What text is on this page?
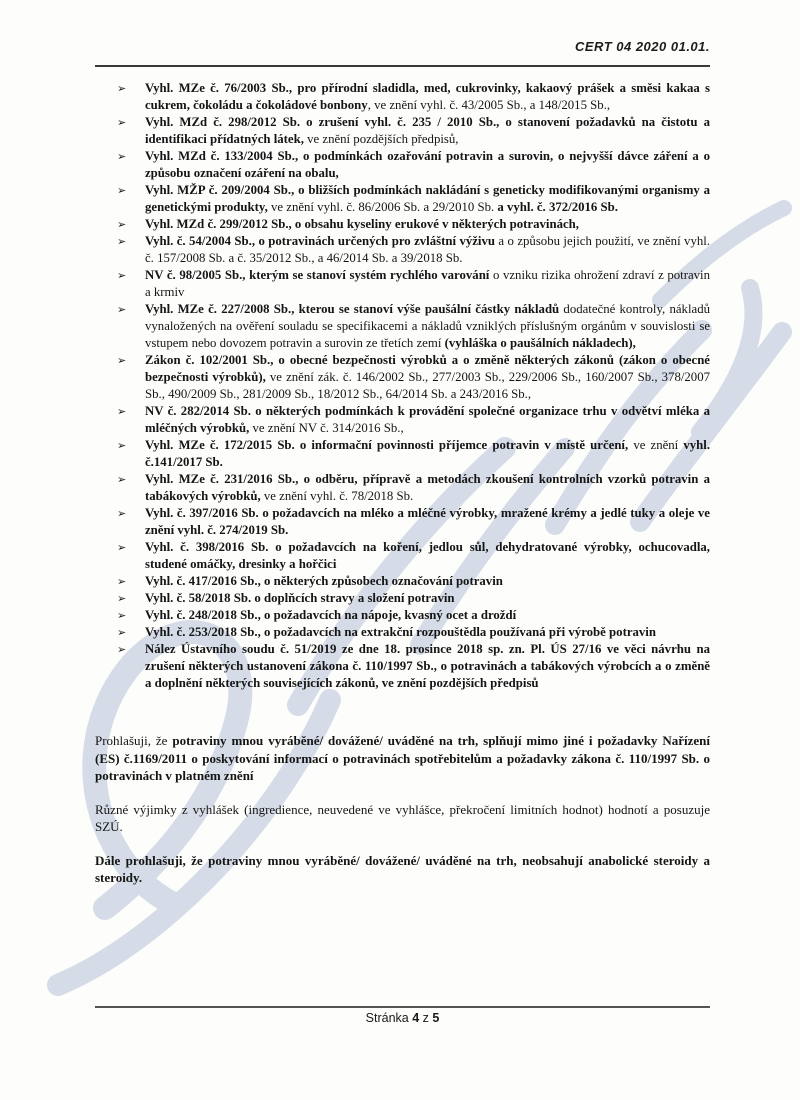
CERT 04 2020 01.01.
➢ Vyhl. MZe č. 76/2003 Sb., pro přírodní sladidla, med, cukrovinky, kakaový prášek a směsi kakaa s cukrem, čokoládu a čokoládové bonbony, ve znění vyhl. č. 43/2005 Sb., a 148/2015 Sb.,
➢ Vyhl. MZd č. 298/2012 Sb. o zrušení vyhl. č. 235 / 2010 Sb., o stanovení požadavků na čistotu a identifikaci přídatných látek, ve znění pozdějších předpisů,
➢ Vyhl. MZd č. 133/2004 Sb., o podmínkách ozařování potravin a surovin, o nejvyšší dávce záření a o způsobu označení ozáření na obalu,
➢ Vyhl. MŽP č. 209/2004 Sb., o bližších podmínkách nakládání s geneticky modifikovanými organismy a genetickými produkty, ve znění vyhl. č. 86/2006 Sb. a 29/2010 Sb. a vyhl. č. 372/2016 Sb.
➢ Vyhl. MZd č. 299/2012 Sb., o obsahu kyseliny erukové v některých potravinách,
➢ Vyhl. č. 54/2004 Sb., o potravinách určených pro zvláštní výživu a o způsobu jejich použití, ve znění vyhl. č. 157/2008 Sb. a č. 35/2012 Sb., a 46/2014 Sb. a 39/2018 Sb.
➢ NV č. 98/2005 Sb., kterým se stanoví systém rychlého varování o vzniku rizika ohrožení zdraví z potravin a krmiv
➢ Vyhl. MZe č. 227/2008 Sb., kterou se stanoví výše paušální částky nákladů dodatečné kontroly, nákladů vynaložených na ověření souladu se specifikacemi a nákladů vzniklých příslušným orgánům v souvislosti se vstupem nebo dovozem potravin a surovin ze třetích zemí (vyhláška o paušálních nákladech),
➢ Zákon č. 102/2001 Sb., o obecné bezpečnosti výrobků a o změně některých zákonů (zákon o obecné bezpečnosti výrobků), ve znění zák. č. 146/2002 Sb., 277/2003 Sb., 229/2006 Sb., 160/2007 Sb., 378/2007 Sb., 490/2009 Sb., 281/2009 Sb., 18/2012 Sb., 64/2014 Sb. a 243/2016 Sb.,
➢ NV č. 282/2014 Sb. o některých podmínkách k provádění společné organizace trhu v odvětví mléka a mléčných výrobků, ve znění NV č. 314/2016 Sb.,
➢ Vyhl. MZe č. 172/2015 Sb. o informační povinnosti příjemce potravin v místě určení, ve znění vyhl. č.141/2017 Sb.
➢ Vyhl. MZe č. 231/2016 Sb., o odběru, přípravě a metodách zkoušení kontrolních vzorků potravin a tabákových výrobků, ve znění vyhl. č. 78/2018 Sb.
➢ Vyhl. č. 397/2016 Sb. o požadavcích na mléko a mléčné výrobky, mražené krémy a jedlé tuky a oleje ve znění vyhl. č. 274/2019 Sb.
➢ Vyhl. č. 398/2016 Sb. o požadavcích na koření, jedlou sůl, dehydratované výrobky, ochucovadla, studené omáčky, dresinky a hořčici
➢ Vyhl. č. 417/2016 Sb., o některých způsobech označování potravin
➢ Vyhl. č. 58/2018 Sb. o doplňcích stravy a složení potravin
➢ Vyhl. č. 248/2018 Sb., o požadavcích na nápoje, kvasný ocet a droždí
➢ Vyhl. č. 253/2018 Sb., o požadavcích na extrakční rozpouštědla používaná při výrobě potravin
➢ Nález Ústavního soudu č. 51/2019 ze dne 18. prosince 2018 sp. zn. Pl. ÚS 27/16 ve věci návrhu na zrušení některých ustanovení zákona č. 110/1997 Sb., o potravinách a tabákových výrobcích a o změně a doplnění některých souvisejících zákonů, ve znění pozdějších předpisů

Prohlašuji, že potraviny mnou vyráběné/ dovážené/ uváděné na trh, splňují mimo jiné i požadavky Nařízení (ES) č.1169/2011 o poskytování informací o potravinách spotřebitelům a požadavky zákona č. 110/1997 Sb. o potravinách v platném znění

Různé výjimky z vyhlášek (ingredience, neuvedené ve vyhlášce, překročení limitních hodnot) hodnotí a posuzuje SZÚ.

Dále prohlašuji, že potraviny mnou vyráběné/ dovážené/ uváděné na trh, neobsahují anabolické steroidy a steroidy.

Stránka 4 z 5
